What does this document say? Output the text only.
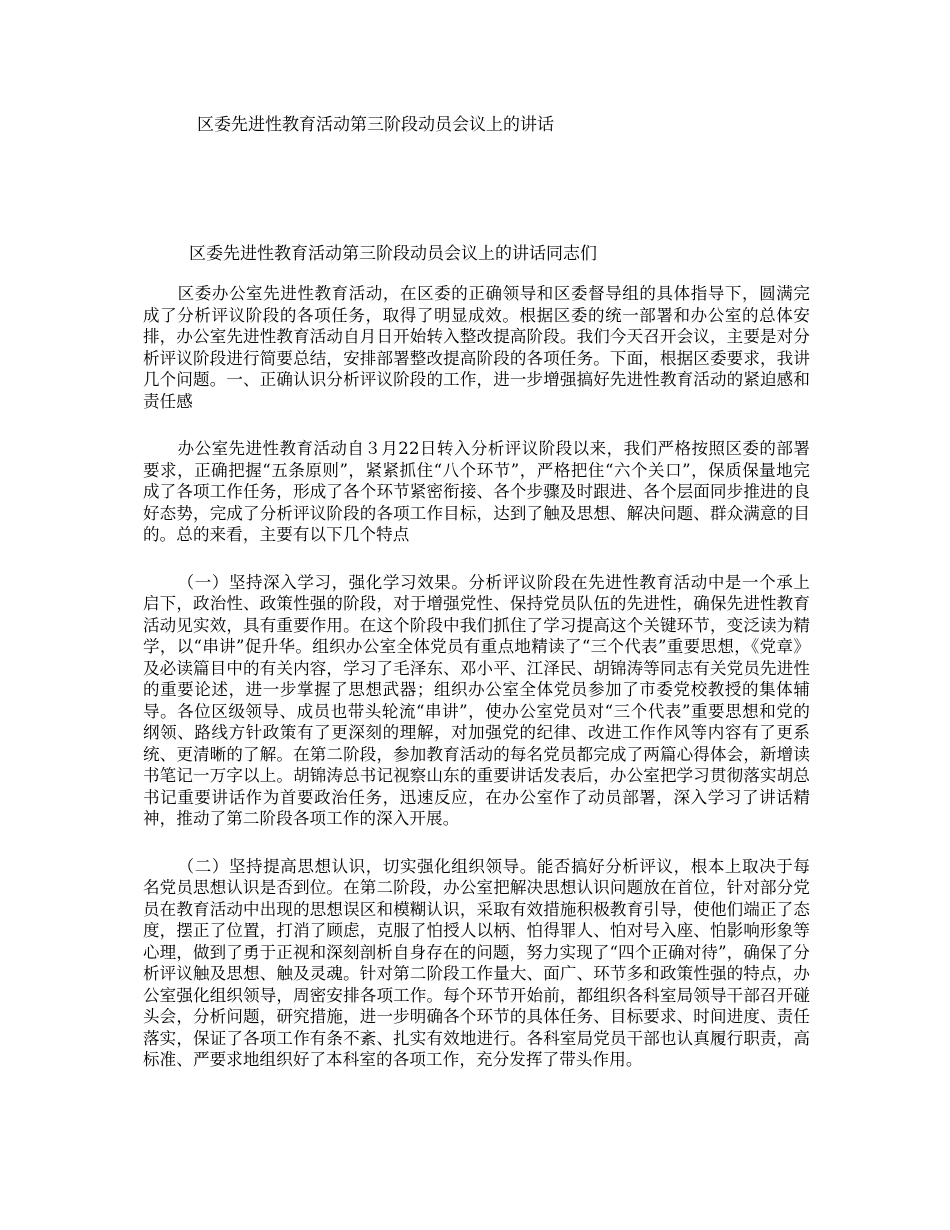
区委先进性教育活动第三阶段动员会议上的讲话
区委先进性教育活动第三阶段动员会议上的讲话同志们

区委办公室先进性教育活动，在区委的正确领导和区委督导组的具体指导下，圆满完成了分析评议阶段的各项任务，取得了明显成效。根据区委的统一部署和办公室的总体安排，办公室先进性教育活动自月日开始转入整改提高阶段。我们今天召开会议，主要是对分析评议阶段进行简要总结，安排部署整改提高阶段的各项任务。下面，根据区委要求，我讲几个问题。一、正确认识分析评议阶段的工作，进一步增强搞好先进性教育活动的紧迫感和责任感

办公室先进性教育活动自３月22日转入分析评议阶段以来，我们严格按照区委的部署要求，正确把握“五条原则”，紧紧抓住“八个环节”，严格把住“六个关口”，保质保量地完成了各项工作任务，形成了各个环节紧密衔接、各个步骤及时跟进、各个层面同步推进的良好态势，完成了分析评议阶段的各项工作目标，达到了触及思想、解决问题、群众满意的目的。总的来看，主要有以下几个特点

（一）坚持深入学习，强化学习效果。分析评议阶段在先进性教育活动中是一个承上启下，政治性、政策性强的阶段，对于增强党性、保持党员队伍的先进性，确保先进性教育活动见实效，具有重要作用。在这个阶段中我们抓住了学习提高这个关键环节，变泛读为精学，以“串讲”促升华。组织办公室全体党员有重点地精读了“三个代表”重要思想，《党章》及必读篇目中的有关内容，学习了毛泽东、邓小平、江泽民、胡锦涛等同志有关党员先进性的重要论述，进一步掌握了思想武器；组织办公室全体党员参加了市委党校教授的集体辅导。各位区级领导、成员也带头轮流“串讲”，使办公室党员对“三个代表”重要思想和党的纲领、路线方针政策有了更深刻的理解，对加强党的纪律、改进工作作风等内容有了更系统、更清晰的了解。在第二阶段，参加教育活动的每名党员都完成了两篇心得体会，新增读书笔记一万字以上。胡锦涛总书记视察山东的重要讲话发表后，办公室把学习贯彻落实胡总书记重要讲话作为首要政治任务，迅速反应，在办公室作了动员部署，深入学习了讲话精神，推动了第二阶段各项工作的深入开展。

（二）坚持提高思想认识，切实强化组织领导。能否搞好分析评议，根本上取决于每名党员思想认识是否到位。在第二阶段，办公室把解决思想认识问题放在首位，针对部分党员在教育活动中出现的思想误区和模糊认识，采取有效措施积极教育引导，使他们端正了态度，摆正了位置，打消了顾虑，克服了怕授人以柄、怕得罪人、怕对号入座、怕影响形象等心理，做到了勇于正视和深刻剖析自身存在的问题，努力实现了“四个正确对待”，确保了分析评议触及思想、触及灵魂。针对第二阶段工作量大、面广、环节多和政策性强的特点，办公室强化组织领导，周密安排各项工作。每个环节开始前，都组织各科室局领导干部召开碰头会，分析问题，研究措施，进一步明确各个环节的具体任务、目标要求、时间进度、责任落实，保证了各项工作有条不紊、扎实有效地进行。各科室局党员干部也认真履行职责，高标准、严要求地组织好了本科室的各项工作，充分发挥了带头作用。
